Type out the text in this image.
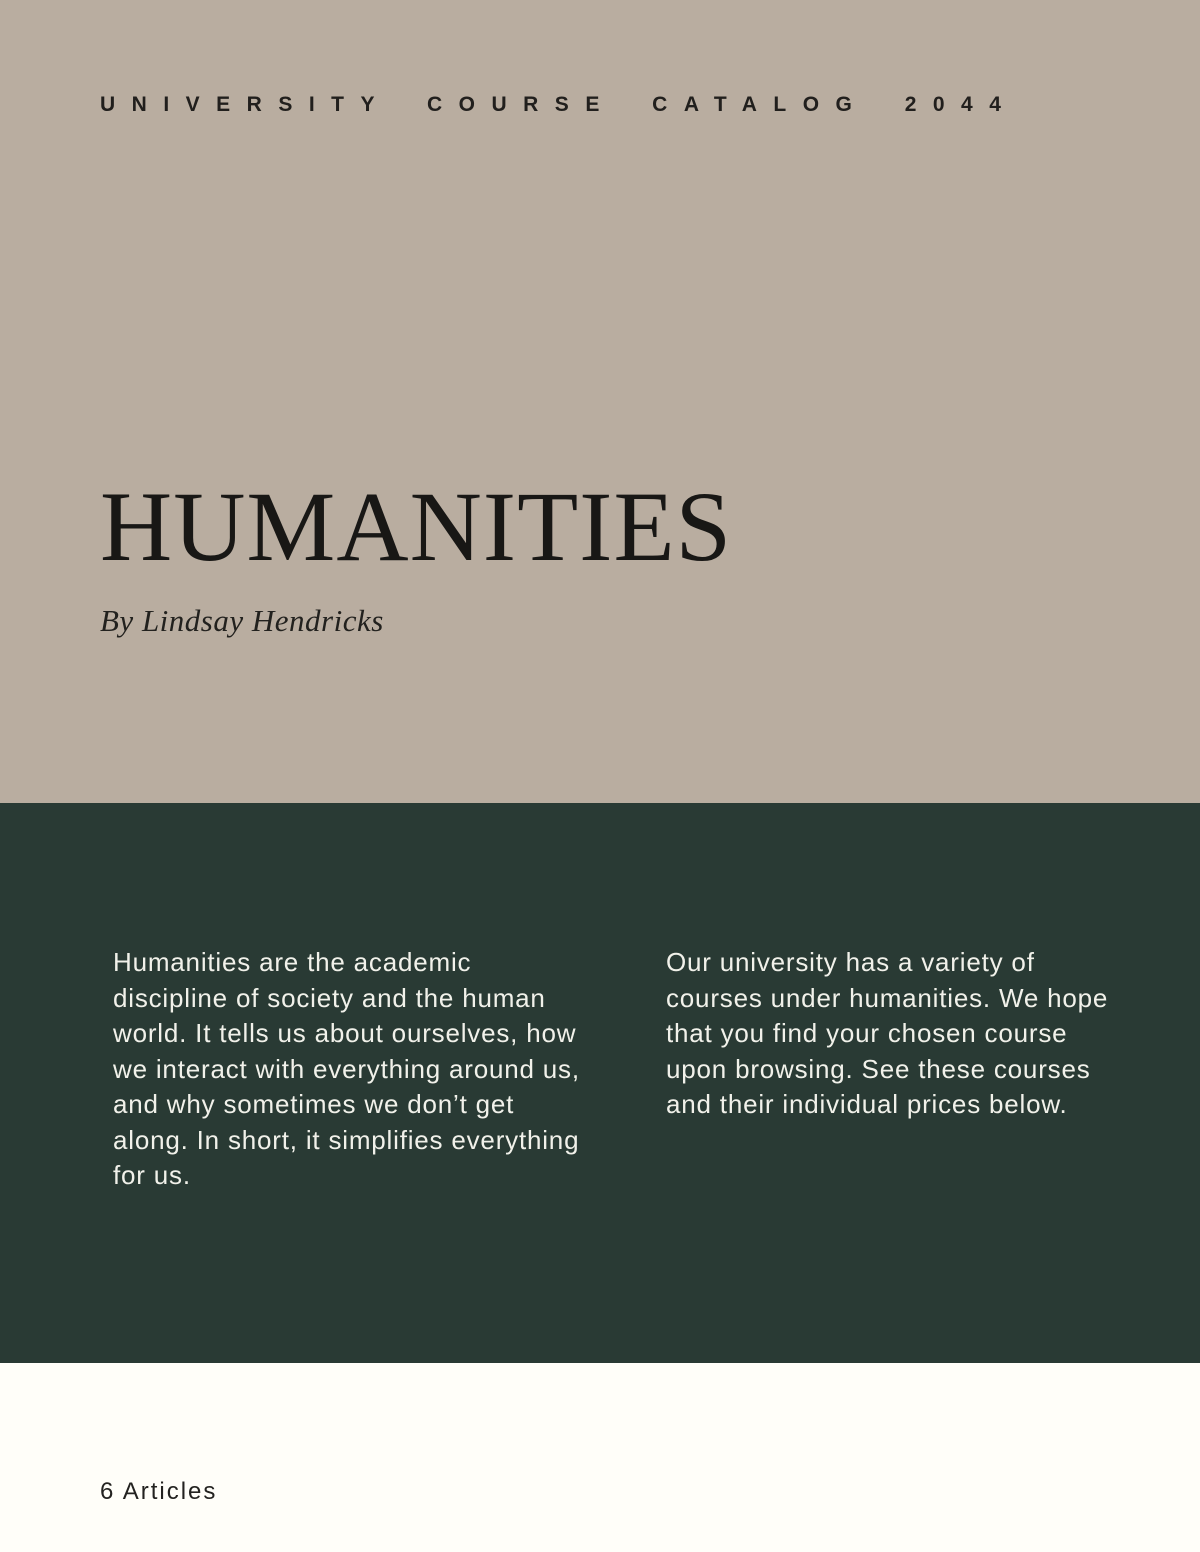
UNIVERSITY COURSE CATALOG 2044
HUMANITIES
By Lindsay Hendricks
Humanities are the academic discipline of society and the human world. It tells us about ourselves, how we interact with everything around us, and why sometimes we don’t get along. In short, it simplifies everything for us.
Our university has a variety of courses under humanities. We hope that you find your chosen course upon browsing. See these courses and their individual prices below.
6 Articles
